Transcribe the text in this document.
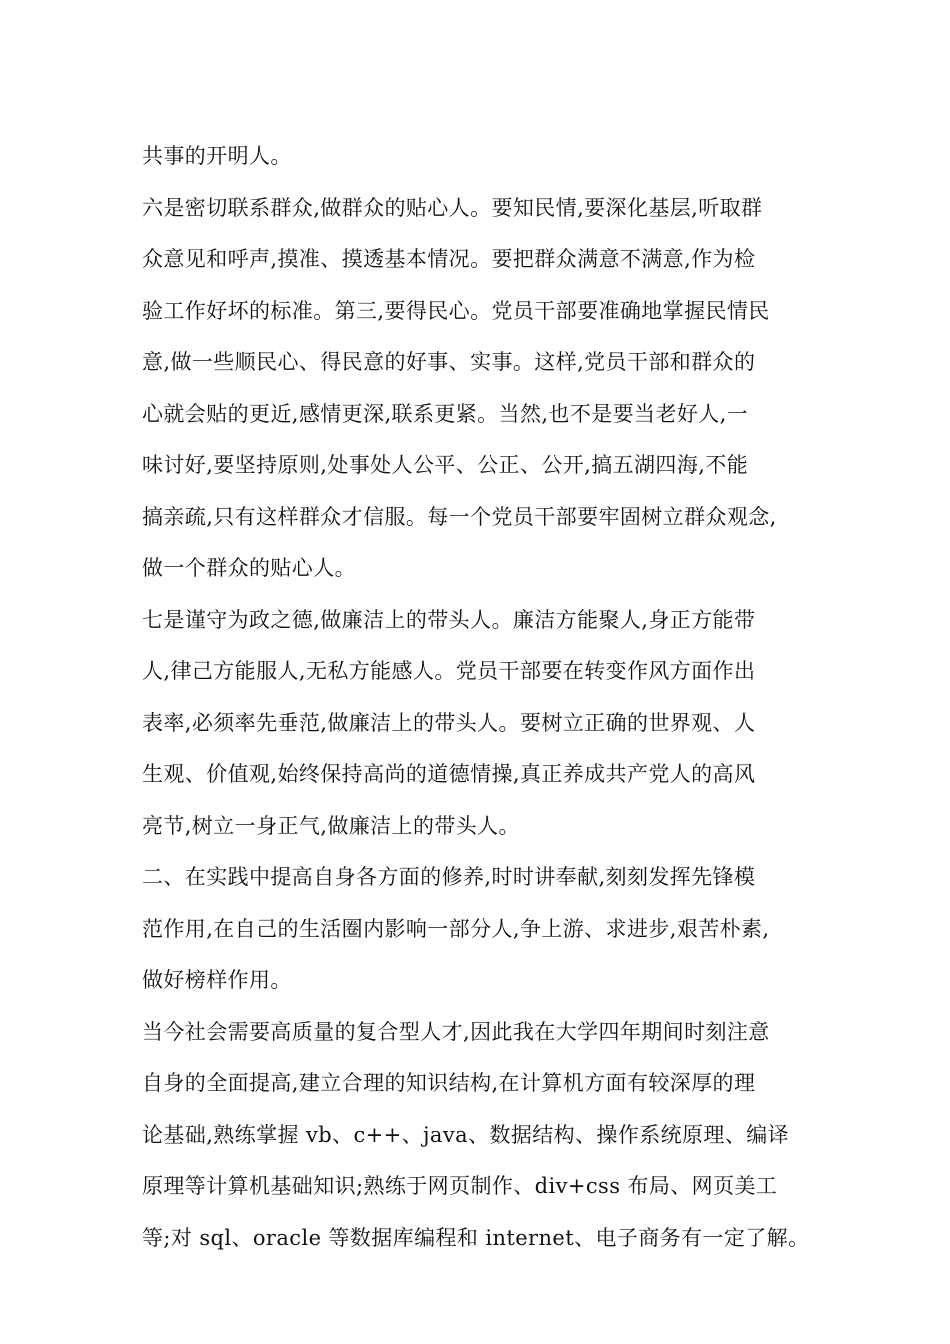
共事的开明人。
六是密切联系群众,做群众的贴心人。要知民情,要深化基层,听取群
众意见和呼声,摸准、摸透基本情况。要把群众满意不满意,作为检
验工作好坏的标准。第三,要得民心。党员干部要准确地掌握民情民
意,做一些顺民心、得民意的好事、实事。这样,党员干部和群众的
心就会贴的更近,感情更深,联系更紧。当然,也不是要当老好人,一
味讨好,要坚持原则,处事处人公平、公正、公开,搞五湖四海,不能
搞亲疏,只有这样群众才信服。每一个党员干部要牢固树立群众观念,
做一个群众的贴心人。
七是谨守为政之德,做廉洁上的带头人。廉洁方能聚人,身正方能带
人,律己方能服人,无私方能感人。党员干部要在转变作风方面作出
表率,必须率先垂范,做廉洁上的带头人。要树立正确的世界观、人
生观、价值观,始终保持高尚的道德情操,真正养成共产党人的高风
亮节,树立一身正气,做廉洁上的带头人。
二、在实践中提高自身各方面的修养,时时讲奉献,刻刻发挥先锋模
范作用,在自己的生活圈内影响一部分人,争上游、求进步,艰苦朴素,
做好榜样作用。
当今社会需要高质量的复合型人才,因此我在大学四年期间时刻注意
自身的全面提高,建立合理的知识结构,在计算机方面有较深厚的理
论基础,熟练掌握 vb、c++、java、数据结构、操作系统原理、编译
原理等计算机基础知识;熟练于网页制作、div+css 布局、网页美工
等;对 sql、oracle 等数据库编程和 internet、电子商务有一定了解。
